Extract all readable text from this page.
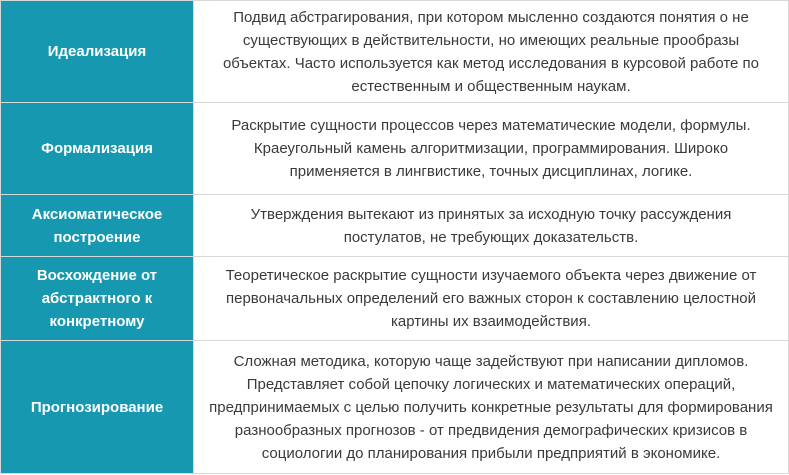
Идеализация	Подвид абстрагирования, при котором мысленно создаются понятия о не существующих в действительности, но имеющих реальные прообразы объектах. Часто используется как метод исследования в курсовой работе по естественным и общественным наукам.
Формализация	Раскрытие сущности процессов через математические модели, формулы. Краеугольный камень алгоритмизации, программирования. Широко применяется в лингвистике, точных дисциплинах, логике.
Аксиоматическое построение	Утверждения вытекают из принятых за исходную точку рассуждения постулатов, не требующих доказательств.
Восхождение от абстрактного к конкретному	Теоретическое раскрытие сущности изучаемого объекта через движение от первоначальных определений его важных сторон к составлению целостной картины их взаимодействия.
Прогнозирование	Сложная методика, которую чаще задействуют при написании дипломов. Представляет собой цепочку логических и математических операций, предпринимаемых с целью получить конкретные результаты для формирования разнообразных прогнозов - от предвидения демографических кризисов в социологии до планирования прибыли предприятий в экономике.
